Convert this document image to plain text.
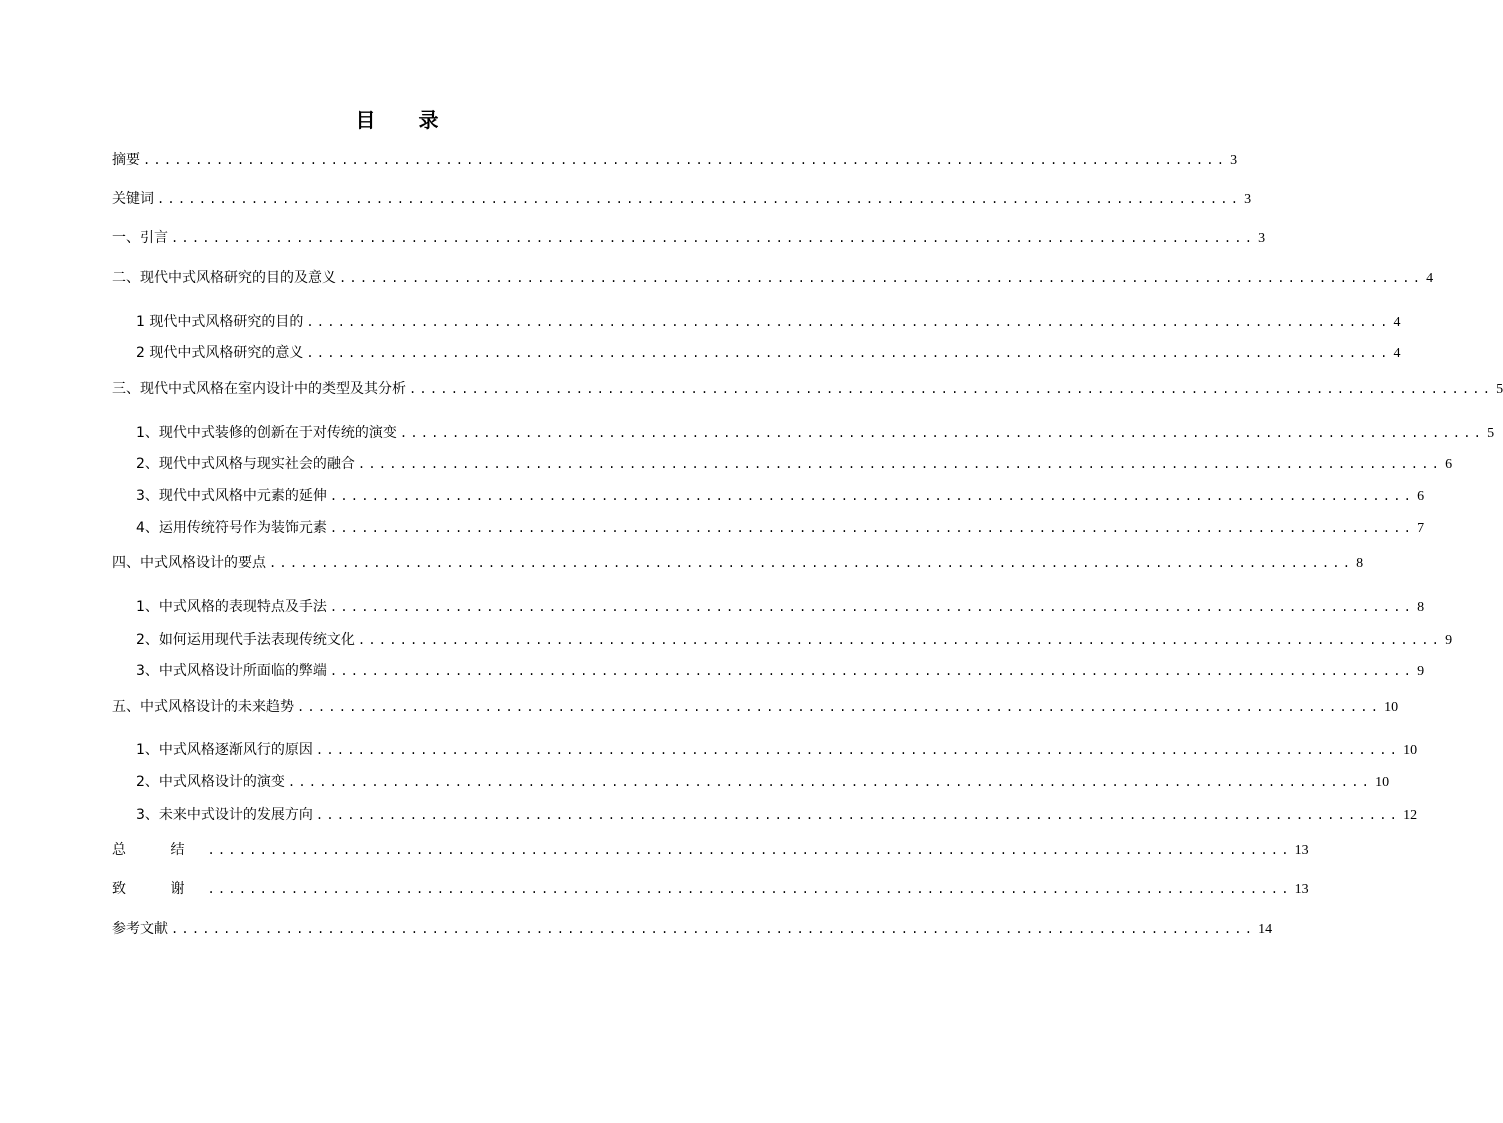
目 录
摘要 ........................................................................................................ 3
关键词 ........................................................................................................ 3
一、引言 ........................................................................................................ 3
二、现代中式风格研究的目的及意义 ........................................................................................................ 4
1 现代中式风格研究的目的 ........................................................................................................ 4
2 现代中式风格研究的意义 ........................................................................................................ 4
三、现代中式风格在室内设计中的类型及其分析 ........................................................................................................ 5
1、现代中式装修的创新在于对传统的演变 ........................................................................................................ 5
2、现代中式风格与现实社会的融合 ........................................................................................................ 6
3、现代中式风格中元素的延伸 ........................................................................................................ 6
4、运用传统符号作为装饰元素 ........................................................................................................ 7
四、中式风格设计的要点 ........................................................................................................ 8
1、中式风格的表现特点及手法 ........................................................................................................ 8
2、如何运用现代手法表现传统文化 ........................................................................................................ 9
3、中式风格设计所面临的弊端 ........................................................................................................ 9
五、中式风格设计的未来趋势 ........................................................................................................ 10
1、中式风格逐渐风行的原因 ........................................................................................................ 10
2、中式风格设计的演变 ........................................................................................................ 10
3、未来中式设计的发展方向 ........................................................................................................ 12
总 结 ........................................................................................................ 13
致 谢 ........................................................................................................ 13
参考文献 ........................................................................................................ 14
